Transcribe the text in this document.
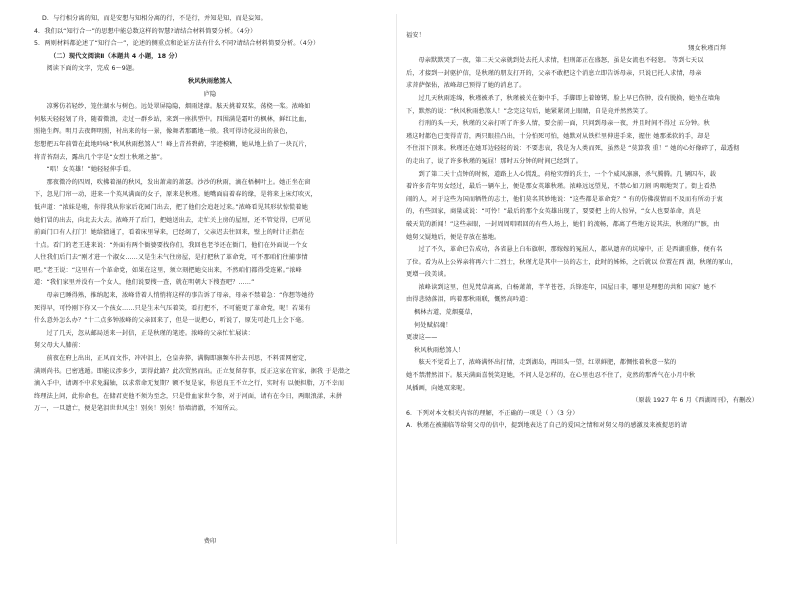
D．与行相分离的知，而是安想与知相分离的行，不是行，并知是知，而是妄知。

4．我们以“知行合一”的思想中能总数这样的智慧?请结合材料简要分析。（4分）

5．两则材料都论述了“知行合一”，论述的侧重点和论证方法有什么不同?请结合材料简要分析。（4分）

（二）现代文阅读Ⅱ（本题共 4 小题，18 分）

阅读下面的文字，完成 6～9题。

秋风秋雨愁煞人

庐隐

凉雾仿若轻纱，笼住湖水与树色。远处翠屏隐隐，烟雨迷濛。舷天挑着双桨，荡桡一桨。浓峰如

何舷天轻轻划了舟，随着微浪，走过一群乡站，来到一座拱型中。四围满是霜叶的枫林，鲜红比血，

照艳生辉。明月去夜辉明照，衬出来的每一景，像舞者那霸地一般。我可得诗化浸出的景色，

您想把五年前曾在此地吟咏“秋风秋雨愁煞人”！峰上青苔碧藓，字迹模糊，她从地上拾了一块瓦片，

将青苔刮去，露出几个字是“女烈士秋瑾之墓”。

“唱！女英雄！”她轻轻伸手看。

那夜微冷的四周，吹拂着湿的秋风，发出萧肃的萧瑟。沙沙的秋雨，滴在梧桐叶上。她正坐在窗

下，忽见门帘一动，进来一个英风满面的女子，原来是秋瑾。她嘴面肩着春的缘，是将来上床灯吹灭，

低声道：“浓妹是啦，你得我从你家后花园门出去，把了他们会追赶过来。”浓峰看见其形状惊慌着她

她们冒的出去，向北去大去。浓峰开了后门，把她送出去，走忙关上房的屋厘，还不管觉得，已听见

前面门口有人打门！她给猜通了，看着床里导来，已经竭了，父亲迟去往回来，壁上的时计正指在

十点。看门的老王进来说：“外面有两个衙婆要找你们，我回也老爷还在衙门，他们在外面说一个女

人往我们后门去“刚才进一个淑女……又是生未气往房屋，是打把秋了革命党，可不那咱们往捕事情

吧。”老王说：“这里有一个革命党，如果在这里，须立刻把她交出来，不然咱们都得受连累。”浓峰

道：“我们家里并没有一个女人，他们说要搜一查，就在明朝大下搜查吧？……”

母亲已睡得熟，推纳起来，浓峰背着人悄悄将这样的事告诉了母亲，母亲不禁着急：“你想等她待

死得早，可怜刚下你又一个孩女……只是生未气压着笑，看打把不，不可能更了革命党，呢！若果有

什么意外怎么办？”十二点多钟浓峰的父亲回来了，但是一说把心，听说了，原先可赴几上会下毫。

过了几天，忽从邮局送来一封信，正是秋瑾的笔迹。浓峰的父亲忙忙展读：

舅父母大人膝前：

前夜在府上出出，正风而文作，冲冲泪上，仓皇奔猝，满胸即凛频车扑去刊思，不料雷网密定，

满则尚书。已密逃遁。即能议涉多少，罢得此路？此次贸然而出。正立复留存事，反正这家在官家，据我 于是潜之

滴入手中，请调不中求免漏轴，以求常命无复期？额不复是家，你恩良王不立之行，实时有 以便担脂，万不幸而

终理法上问，此你命也，在储君吏他不须为至念，只是骨血家世令参，对于河面，请有在今日，两眼浪漾，未拼

万一，一旦遗亡，便是笔泪世世风尘！别矣！别矣！悟墙清澈，不知所云。

费印

福安！

甥女秋瑾百拜

母亲默默哭了一夜，第二天父亲就到处去托人求情，但刑部正在盛怒，虽是女流也不轻恕。 等到七天以

后，才接到一封驱护信，是秋瑾的朋友打开的，父亲不敢把这个消息立即告诉母亲，只说已托人求情，母亲

求菩萨保佑，浓峰却已预得了她的消息了。

过几天秋雨连绵，秋瑾被杀了，秋瑾被关在衙中手，手脚即上着镣铐，脸上早已伤肿，没有脱换，她坐在墙角

下，默然的说：“秋风秋雨愁煞人！”念完这句后，她紧紧闭上眼睛，自是竟并然然笑了。

行刑的头一天，秋瑾的父亲打听了许多人情，要会前一面，只问到母亲一夜，并且时间不得过 五分钟。秋

瑾这时都色已变得青青，两只眼挂凸出，十分怕死可怕，她默对从铁栏里伸进手来，握住 她那柔软的手，却是

不住泪下顶来。秋瑾还在她耳边轻轻的说：不要悲哀，我是为人类而死，虽然是 “莫算我 重！” 她的心好像碎了，最透彻

的走出了，说了许多秋瑾的冤屈！那时五分钟的时间已经到了。

到了第二天十点钟的时候，道路上人心慌乱，荷枪实弹的兵士，一个个威风凛凛，杀气腾腾。几 辆囚车，载

着许多青年男女经过，最后一辆车上，便是那女英雄秋瑾。浓峰远远望见，不禁心如刀割 呜咽地哭了。街上看热

闹的人，对于这些为国而牺牲的志士，他们莫名其妙地说：“这些都是革命党？” 有的仿佛漠情而不及而有所动于衷

的，有些回家，商量或说：“可怜！”最后的那个女英雄出现了，要要把 上的人惊异，“女人也要革命，真是

破天荒的新闻！”这些亲眼，一封周周唱唱回的有些人场上，她们 的流畅，都离了些地方说其法，秋瑾的尸骸，由

她舅父疑地后，便是存放在墓地。

过了不久，革命已告成功，各省悬上白布旗帜，那嫁嫁的冤屈人，都从遗弃的坑壕中，正 是西湖重修，便有名

了位。看为从上公界亲将再六十二烈士，秋瑾尤是其中一员的志士，此时的姊姊，之后就以 位置在西 湖，秋瑾的冢山，

更增一段美谈。

浓峰读到这里，但见梵草离离，白杨萧萧，芊芊苍苍，兵锋连年，国屋日非，哪里是理想的共和 国家？她不

由得悲恸落泪，呜着那秋雨联，慨然高吟道：

枫林古道，荒烟蔓草，

何处赋招魂！

更凄这——

秋风秋雨愁煞人！

舷天不觉看上了，浓峰满怀出打情，走到湖岛，再回头一望，红翠鲜肥，都惆怅着秋意一桨的

她不禁潸然泪下。舷天满面喜悦笑迎她，不问人是怎样的，在心里也忍不住了，竟然的那香气在小月中秋

风插画，向她双来呢。

（原载 1927 年 6 月《西湖周刊》，有删改）

6．下列对本文相关内容的理解，不正确的一项是（ ）（3 分）

A．秋瑾在被捕临等给舅父母的信中，提到地表达了自己的爱国之情和对舅父母的感激及来被捉思的请
